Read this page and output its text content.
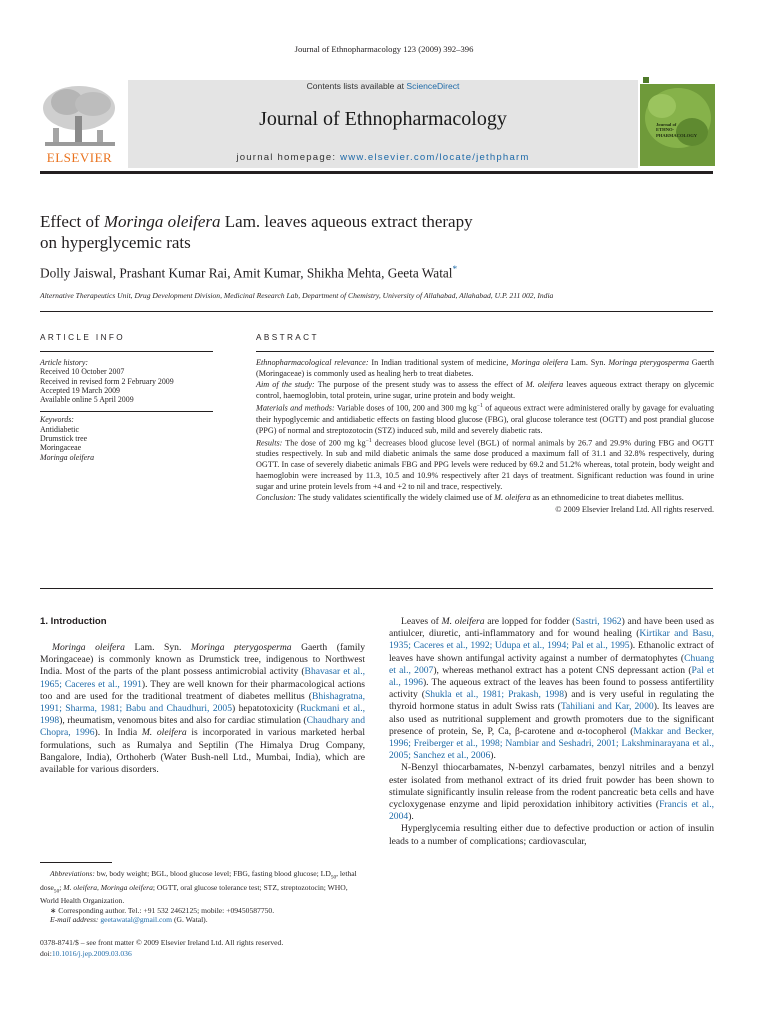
Journal of Ethnopharmacology 123 (2009) 392–396
ELSEVIER
Contents lists available at ScienceDirect
Journal of Ethnopharmacology
journal homepage: www.elsevier.com/locate/jethpharm
Journal of
ETHNO-
PHARMACOLOGY
Effect of Moringa oleifera Lam. leaves aqueous extract therapy
on hyperglycemic rats
Dolly Jaiswal, Prashant Kumar Rai, Amit Kumar, Shikha Mehta, Geeta Watal*
Alternative Therapeutics Unit, Drug Development Division, Medicinal Research Lab, Department of Chemistry, University of Allahabad, Allahabad, U.P. 211 002, India
ARTICLE INFO	ABSTRACT
Article history:
Received 10 October 2007
Received in revised form 2 February 2009
Accepted 19 March 2009
Available online 5 April 2009
Keywords:
Antidiabetic
Drumstick tree
Moringaceae
Moringa oleifera

Ethnopharmacological relevance: In Indian traditional system of medicine, Moringa oleifera Lam. Syn. Moringa pterygosperma Gaerth (Moringaceae) is commonly used as healing herb to treat diabetes.

Aim of the study: The purpose of the present study was to assess the effect of M. oleifera leaves aqueous extract therapy on glycemic control, haemoglobin, total protein, urine sugar, urine protein and body weight.

Materials and methods: Variable doses of 100, 200 and 300 mg $kg^{-1}$ of aqueous extract were administered orally by gavage for evaluating their hypoglycemic and antidiabetic effects on fasting blood glucose (FBG), oral glucose tolerance test (OGTT) and post prandial glucose (PPG) of normal and streptozotocin (STZ) induced sub, mild and severely diabetic rats.

Results: The dose of 200 mg $kg^{-1}$ decreases blood glucose level (BGL) of normal animals by 26.7 and 29.9% during FBG and OGTT studies respectively. In sub and mild diabetic animals the same dose produced a maximum fall of 31.1 and 32.8% respectively, during OGTT. In case of severely diabetic animals FBG and PPG levels were reduced by 69.2 and 51.2% whereas, total protein, body weight and haemoglobin were increased by 11.3, 10.5 and 10.9% respectively after 21 days of treatment. Significant reduction was found in urine sugar and urine protein levels from +4 and +2 to nil and trace, respectively.

Conclusion: The study validates scientifically the widely claimed use of M. oleifera as an ethnomedicine to treat diabetes mellitus.

© 2009 Elsevier Ireland Ltd. All rights reserved.

1. Introduction

Moringa oleifera Lam. Syn. Moringa pterygosperma Gaerth (family Moringaceae) is commonly known as Drumstick tree, indigenous to Northwest India. Most of the parts of the plant possess antimicrobial activity (Bhavasar et al., 1965; Caceres et al., 1991). They are well known for their pharmacological actions too and are used for the traditional treatment of diabetes mellitus (Bhishagratna, 1991; Sharma, 1981; Babu and Chaudhuri, 2005) hepatotoxicity (Ruckmani et al., 1998), rheumatism, venomous bites and also for cardiac stimulation (Chaudhary and Chopra, 1996). In India M. oleifera is incorporated in various marketed herbal formulations, such as Rumalya and Septilin (The Himalya Drug Company, Bangalore, India), Orthoherb (Water Bush-nell Ltd., Mumbai, India), which are available for various disorders.

Leaves of M. oleifera are lopped for fodder (Sastri, 1962) and have been used as antiulcer, diuretic, anti-inflammatory and for wound healing (Kirtikar and Basu, 1935; Caceres et al., 1992; Udupa et al., 1994; Pal et al., 1995). Ethanolic extract of leaves have shown antifungal activity against a number of dermatophytes (Chuang et al., 2007), whereas methanol extract has a potent CNS depressant action (Pal et al., 1996). The aqueous extract of the leaves has been found to possess antifertility activity (Shukla et al., 1981; Prakash, 1998) and is very useful in regulating the thyroid hormone status in adult Swiss rats (Tahiliani and Kar, 2000). Its leaves are also used as nutritional supplement and growth promoters due to the significant presence of protein, Se, P, Ca, β-carotene and α-tocopherol (Makkar and Becker, 1996; Freiberger et al., 1998; Nambiar and Seshadri, 2001; Lakshminarayana et al., 2005; Sanchez et al., 2006).

N-Benzyl thiocarbamates, N-benzyl carbamates, benzyl nitriles and a benzyl ester isolated from methanol extract of its dried fruit powder has been shown to stimulate significantly insulin release from the rodent pancreatic beta cells and have cycloxygenase enzyme and lipid peroxidation inhibitory activities (Francis et al., 2004).

Hyperglycemia resulting either due to defective production or action of insulin leads to a number of complications; cardiovascular,

Abbreviations: bw, body weight; BGL, blood glucose level; FBG, fasting blood glucose; $LD_{50}$, lethal dose$_{50}$; M. oleifera, Moringa oleifera; OGTT, oral glucose tolerance test; STZ, streptozotocin; WHO, World Health Organization.

∗ Corresponding author. Tel.: +91 532 2462125; mobile: +09450587750.

E-mail address: geetawatal@gmail.com (G. Watal).

0378-8741/$ – see front matter © 2009 Elsevier Ireland Ltd. All rights reserved.
doi:10.1016/j.jep.2009.03.036
